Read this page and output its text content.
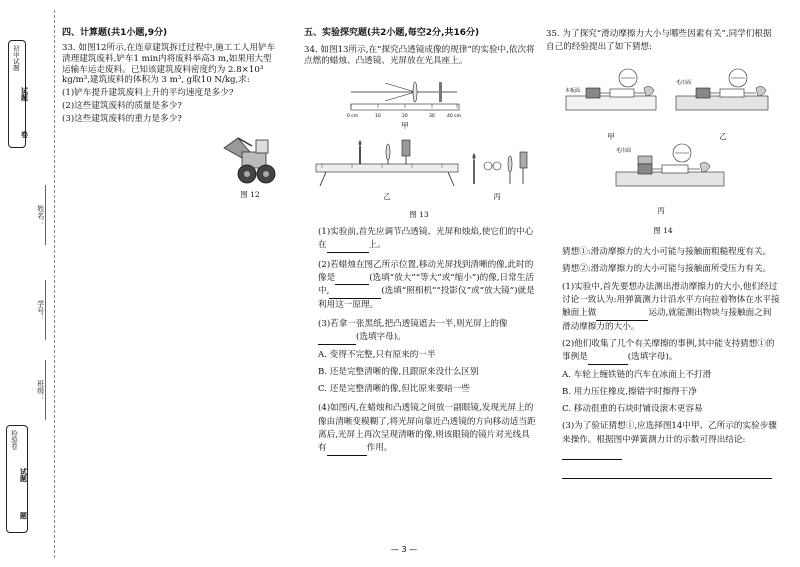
初中试题
试题
卷
姓名：
学号：
班级：
检验卷
试题
题
四、计算题(共1小题,9分)
33. 如图12所示,在连章建筑拆迁过程中,施工工人用铲车清理建筑废料,铲车1 min内将废料举高3 m,如果用大型运输车运走废料。已知该建筑废料密度约为 2.8×10³ kg/m³,建筑废料的体积为 3 m³, g取10 N/kg,求:
(1)铲车提升建筑废料上升的平均速度是多少?
(2)这些建筑废料的质量是多少?
(3)这些建筑废料的重力是多少?
图 12
五、实验探究题(共2小题,每空2分,共16分)
34. 如图13所示,在“探究凸透镜成像的规律”的实验中,依次将点燃的蜡烛、凸透镜、光屏放在光具座上。
0 cm	10	20	30	40 cm
甲
乙	丙
图 13
(1)实验前,首先应调节凸透镜、光屏和烛焰,使它们的中心在	上。
(2)若蜡烛在图乙所示位置,移动光屏找到清晰的像,此时的像是	(选填“放大”“等大”或“缩小”)的像,日常生活中,	(选填“照相机”“投影仪”或“放大镜”)就是利用这一原理。
(3)若拿一张黑纸,把凸透镜遮去一半,则光屏上的像(选填字母)。
A. 变得不完整,只有原来的一半
B. 还是完整清晰的像,且跟原来没什么区别
C. 还是完整清晰的像,但比原来要暗一些
(4)如图丙,在蜡烛和凸透镜之间放一副眼镜,发现光屏上的像由清晰变模糊了,将光屏向靠近凸透镜的方向移动适当距离后,光屏上再次呈现清晰的像,则该眼镜的镜片对光线具有	作用。
— 3 —
35. 为了探究“滑动摩擦力大小与哪些因素有关”,同学们根据自己的经验提出了如下猜想:
木板面
甲
毛巾面
乙
毛巾面
丙
图 14
猜想①:滑动摩擦力的大小可能与接触面粗糙程度有关。
猜想②:滑动摩擦力的大小可能与接触面所受压力有关。
(1)实验中,首先要想办法测出滑动摩擦力的大小,他们经过讨论一致认为:用弹簧测力计沿水平方向拉着物体在水平接触面上做	运动,就能测出物块与接触面之间滑动摩擦力的大小。
(2)他们收集了几个有关摩擦的事例,其中能支持猜想①的事例是	(选填字母)。
A. 车轮上缠铁链的汽车在冰面上不打滑
B. 用力压住橡皮,擦错字时擦得干净
C. 移动很重的石块时铺设滚木更容易
(3)为了验证猜想①,应选择图14中甲、乙所示的实验步骤来操作。根据图中弹簧测力计的示数可得出结论:
